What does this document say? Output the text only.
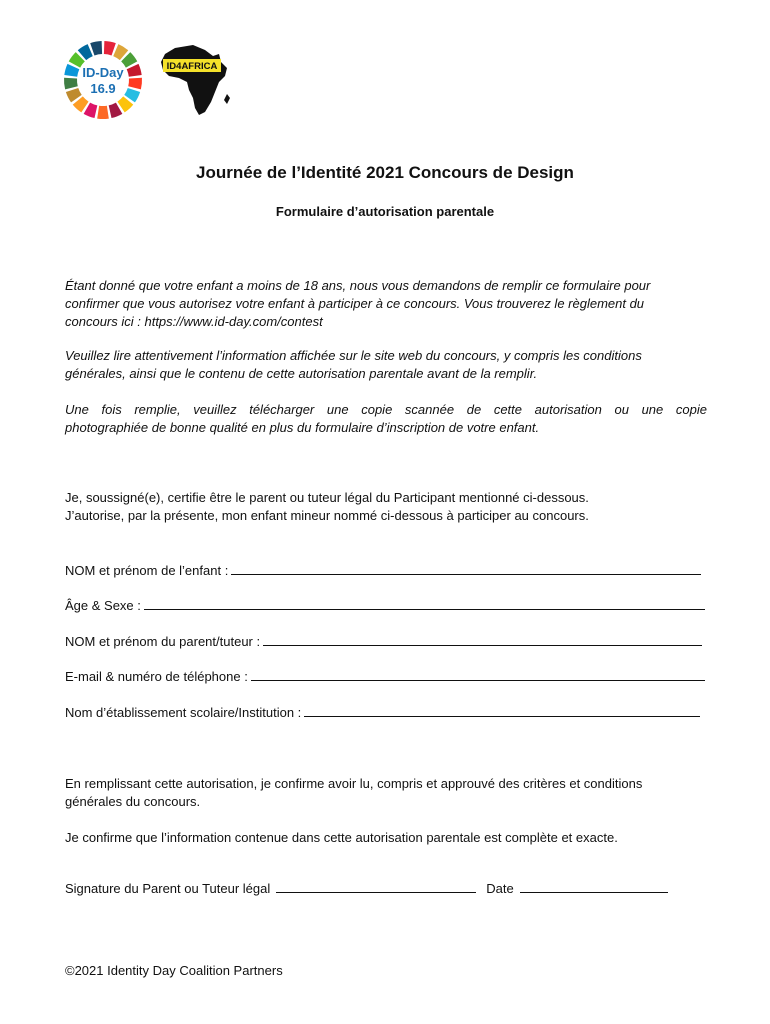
ID-Day
16.9
ID4AFRICA
Journée de l’Identité 2021 Concours de Design
Formulaire d’autorisation parentale
Étant donné que votre enfant a moins de 18 ans, nous vous demandons de remplir ce formulaire pour
confirmer que vous autorisez votre enfant à participer à ce concours. Vous trouverez le règlement du
concours ici : https://www.id-day.com/contest
Veuillez lire attentivement l’information affichée sur le site web du concours, y compris les conditions
générales, ainsi que le contenu de cette autorisation parentale avant de la remplir.
Une fois remplie, veuillez télécharger une copie scannée de cette autorisation ou une copie
photographiée de bonne qualité en plus du formulaire d’inscription de votre enfant.
Je, soussigné(e), certifie être le parent ou tuteur légal du Participant mentionné ci-dessous.
J’autorise, par la présente, mon enfant mineur nommé ci-dessous à participer au concours.
NOM et prénom de l’enfant :
Âge & Sexe :
NOM et prénom du parent/tuteur :
E-mail & numéro de téléphone :
Nom d’établissement scolaire/Institution :
En remplissant cette autorisation, je confirme avoir lu, compris et approuvé des critères et conditions
générales du concours.
Je confirme que l’information contenue dans cette autorisation parentale est complète et exacte.
Signature du Parent ou Tuteur légal	Date
©2021 Identity Day Coalition Partners
